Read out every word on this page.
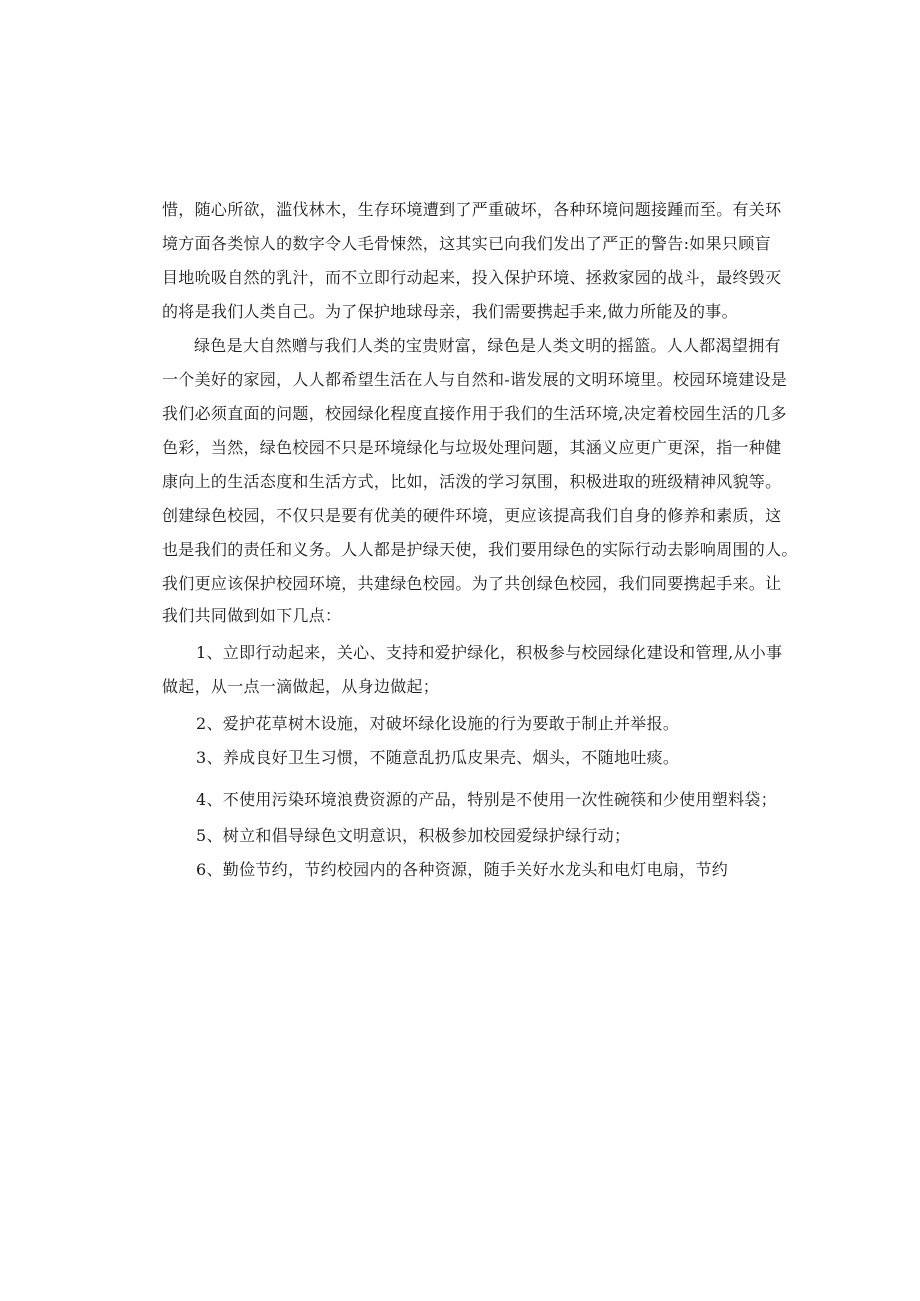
惜，随心所欲，滥伐林木，生存环境遭到了严重破坏，各种环境问题接踵而至。有关环
境方面各类惊人的数字令人毛骨悚然，这其实已向我们发出了严正的警告:如果只顾盲
目地吮吸自然的乳汁，而不立即行动起来，投入保护环境、拯救家园的战斗，最终毁灭
的将是我们人类自己。为了保护地球母亲，我们需要携起手来,做力所能及的事。
绿色是大自然赠与我们人类的宝贵财富，绿色是人类文明的摇篮。人人都渴望拥有
一个美好的家园，人人都希望生活在人与自然和-谐发展的文明环境里。校园环境建设是
我们必须直面的问题，校园绿化程度直接作用于我们的生活环境,决定着校园生活的几多
色彩，当然，绿色校园不只是环境绿化与垃圾处理问题，其涵义应更广更深，指一种健
康向上的生活态度和生活方式，比如，活泼的学习氛围，积极进取的班级精神风貌等。
创建绿色校园，不仅只是要有优美的硬件环境，更应该提高我们自身的修养和素质，这
也是我们的责任和义务。人人都是护绿天使，我们要用绿色的实际行动去影响周围的人。
我们更应该保护校园环境，共建绿色校园。为了共创绿色校园，我们同要携起手来。让
我们共同做到如下几点：
1、立即行动起来，关心、支持和爱护绿化，积极参与校园绿化建设和管理,从小事
做起，从一点一滴做起，从身边做起；
2、爱护花草树木设施，对破坏绿化设施的行为要敢于制止并举报。
3、养成良好卫生习惯，不随意乱扔瓜皮果壳、烟头，不随地吐痰。
4、不使用污染环境浪费资源的产品，特别是不使用一次性碗筷和少使用塑料袋；
5、树立和倡导绿色文明意识，积极参加校园爱绿护绿行动；
6、勤俭节约，节约校园内的各种资源，随手关好水龙头和电灯电扇，节约
